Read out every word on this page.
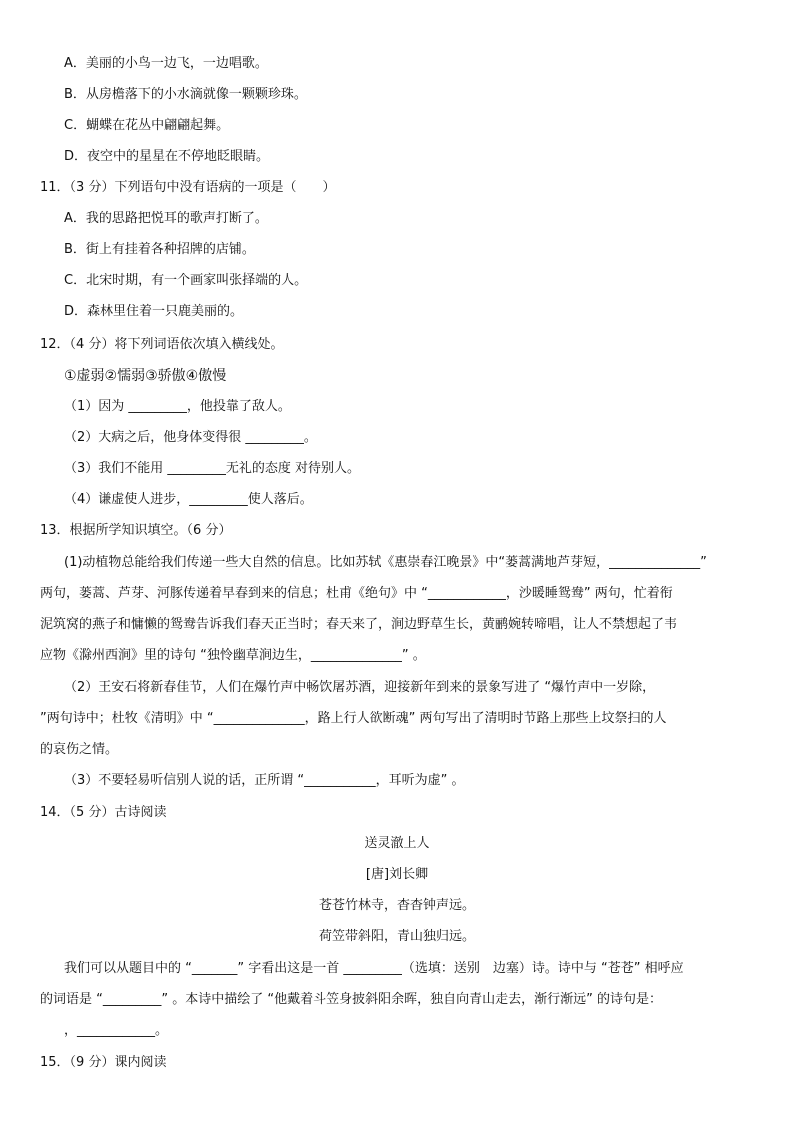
A．美丽的小鸟一边飞，一边唱歌。
B．从房檐落下的小水滴就像一颗颗珍珠。
C．蝴蝶在花丛中翩翩起舞。
D．夜空中的星星在不停地眨眼睛。
11．（3 分）下列语句中没有语病的一项是（　　）
A．我的思路把悦耳的歌声打断了。
B．街上有挂着各种招牌的店铺。
C．北宋时期，有一个画家叫张择端的人。
D．森林里住着一只鹿美丽的。
12．（4 分）将下列词语依次填入横线处。
①虚弱②懦弱③骄傲④傲慢
（1）因为 _________，他投靠了敌人。
（2）大病之后，他身体变得很 _________。
（3）我们不能用 _________无礼的态度 对待别人。
（4）谦虚使人进步，_________使人落后。
13．根据所学知识填空。（6 分）
(1)动植物总能给我们传递一些大自然的信息。比如苏轼《惠崇春江晚景》中“蒌蒿满地芦芽短，______________”
两句，蒌蒿、芦芽、河豚传递着早春到来的信息；杜甫《绝句》中 “____________，沙暖睡鸳鸯” 两句，忙着衔
泥筑窝的燕子和慵懒的鸳鸯告诉我们春天正当时；春天来了，涧边野草生长，黄鹂婉转啼唱，让人不禁想起了韦
应物《滁州西涧》里的诗句 “独怜幽草涧边生，______________” 。
（2）王安石将新春佳节，人们在爆竹声中畅饮屠苏酒，迎接新年到来的景象写进了 “爆竹声中一岁除，
”两句诗中；杜牧《清明》中 “______________，路上行人欲断魂” 两句写出了清明时节路上那些上坟祭扫的人
的哀伤之情。
（3）不要轻易听信别人说的话，正所谓 “___________，耳听为虚” 。
14．（5 分）古诗阅读
送灵澈上人
[唐]刘长卿
苍苍竹林寺，杳杳钟声远。
荷笠带斜阳，青山独归远。
我们可以从题目中的 “_______” 字看出这是一首 _________（选填：送别　边塞）诗。诗中与 “苍苍” 相呼应
的词语是 “_________” 。本诗中描绘了 “他戴着斗笠身披斜阳余晖，独自向青山走去，渐行渐远” 的诗句是：
，____________。
15．（9 分）课内阅读
